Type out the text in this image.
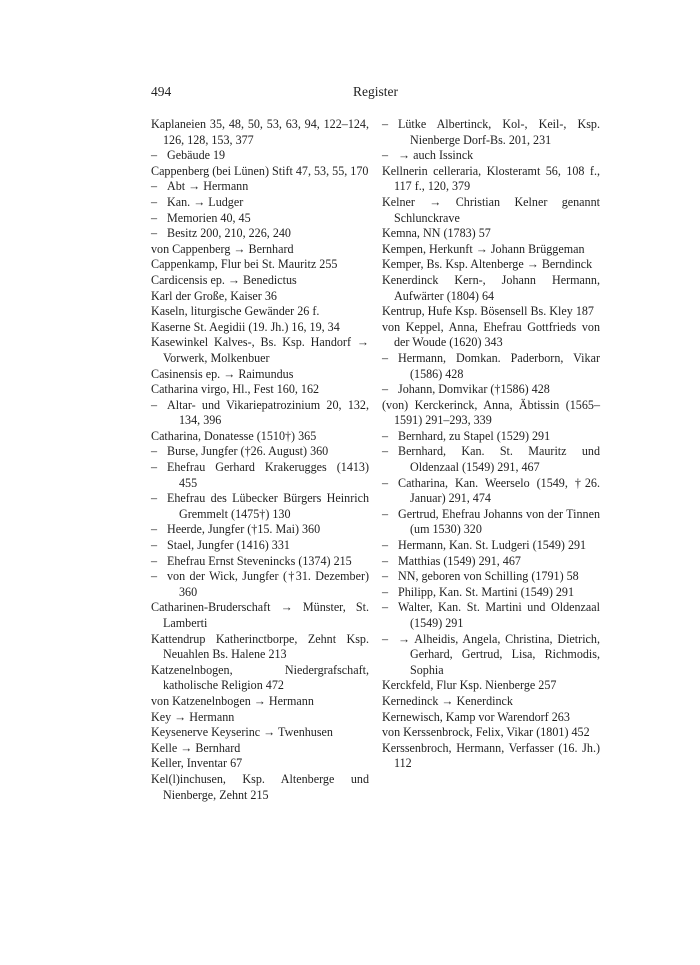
494	Register
Kaplaneien 35, 48, 50, 53, 63, 94, 122–124, 126, 128, 153, 377
– Gebäude 19
Cappenberg (bei Lünen) Stift 47, 53, 55, 170
– Abt → Hermann
– Kan. → Ludger
– Memorien 40, 45
– Besitz 200, 210, 226, 240
von Cappenberg → Bernhard
Cappenkamp, Flur bei St. Mauritz 255
Cardicensis ep. → Benedictus
Karl der Große, Kaiser 36
Kaseln, liturgische Gewänder 26 f.
Kaserne St. Aegidii (19. Jh.) 16, 19, 34
Kasewinkel Kalves-, Bs. Ksp. Handorf → Vorwerk, Molkenbuer
Casinensis ep. → Raimundus
Catharina virgo, Hl., Fest 160, 162
– Altar- und Vikariepatrozinium 20, 132, 134, 396
Catharina, Donatesse (1510†) 365
– Burse, Jungfer (†26. August) 360
– Ehefrau Gerhard Krakerugges (1413) 455
– Ehefrau des Lübecker Bürgers Heinrich Gremmelt (1475†) 130
– Heerde, Jungfer (†15. Mai) 360
– Stael, Jungfer (1416) 331
– Ehefrau Ernst Stevenincks (1374) 215
– von der Wick, Jungfer (†31. Dezember) 360
Catharinen-Bruderschaft → Münster, St. Lamberti
Kattendrup Katherinctborpe, Zehnt Ksp. Neuahlen Bs. Halene 213
Katzenelnbogen, Niedergrafschaft, katholische Religion 472
von Katzenelnbogen → Hermann
Key → Hermann
Keysenerve Keyserinc → Twenhusen
Kelle → Bernhard
Keller, Inventar 67
Kel(l)inchusen, Ksp. Altenberge und Nienberge, Zehnt 215
– Lütke Albertinck, Kol-, Keil-, Ksp. Nienberge Dorf-Bs. 201, 231
– → auch Issinck
Kellnerin celleraria, Klosteramt 56, 108 f., 117 f., 120, 379
Kelner → Christian Kelner genannt Schlunckrave
Kemna, NN (1783) 57
Kempen, Herkunft → Johann Brüggeman
Kemper, Bs. Ksp. Altenberge → Berndinck
Kenerdinck Kern-, Johann Hermann, Aufwärter (1804) 64
Kentrup, Hufe Ksp. Bösensell Bs. Kley 187
von Keppel, Anna, Ehefrau Gottfrieds von der Woude (1620) 343
– Hermann, Domkan. Paderborn, Vikar (1586) 428
– Johann, Domvikar (†1586) 428
(von) Kerckerinck, Anna, Äbtissin (1565–1591) 291–293, 339
– Bernhard, zu Stapel (1529) 291
– Bernhard, Kan. St. Mauritz und Oldenzaal (1549) 291, 467
– Catharina, Kan. Weerselo (1549, †26. Januar) 291, 474
– Gertrud, Ehefrau Johanns von der Tinnen (um 1530) 320
– Hermann, Kan. St. Ludgeri (1549) 291
– Matthias (1549) 291, 467
– NN, geboren von Schilling (1791) 58
– Philipp, Kan. St. Martini (1549) 291
– Walter, Kan. St. Martini und Oldenzaal (1549) 291
– → Alheidis, Angela, Christina, Dietrich, Gerhard, Gertrud, Lisa, Richmodis, Sophia
Kerckfeld, Flur Ksp. Nienberge 257
Kernedinck → Kenerdinck
Kernewisch, Kamp vor Warendorf 263
von Kerssenbrock, Felix, Vikar (1801) 452
Kerssenbroch, Hermann, Verfasser (16. Jh.) 112
